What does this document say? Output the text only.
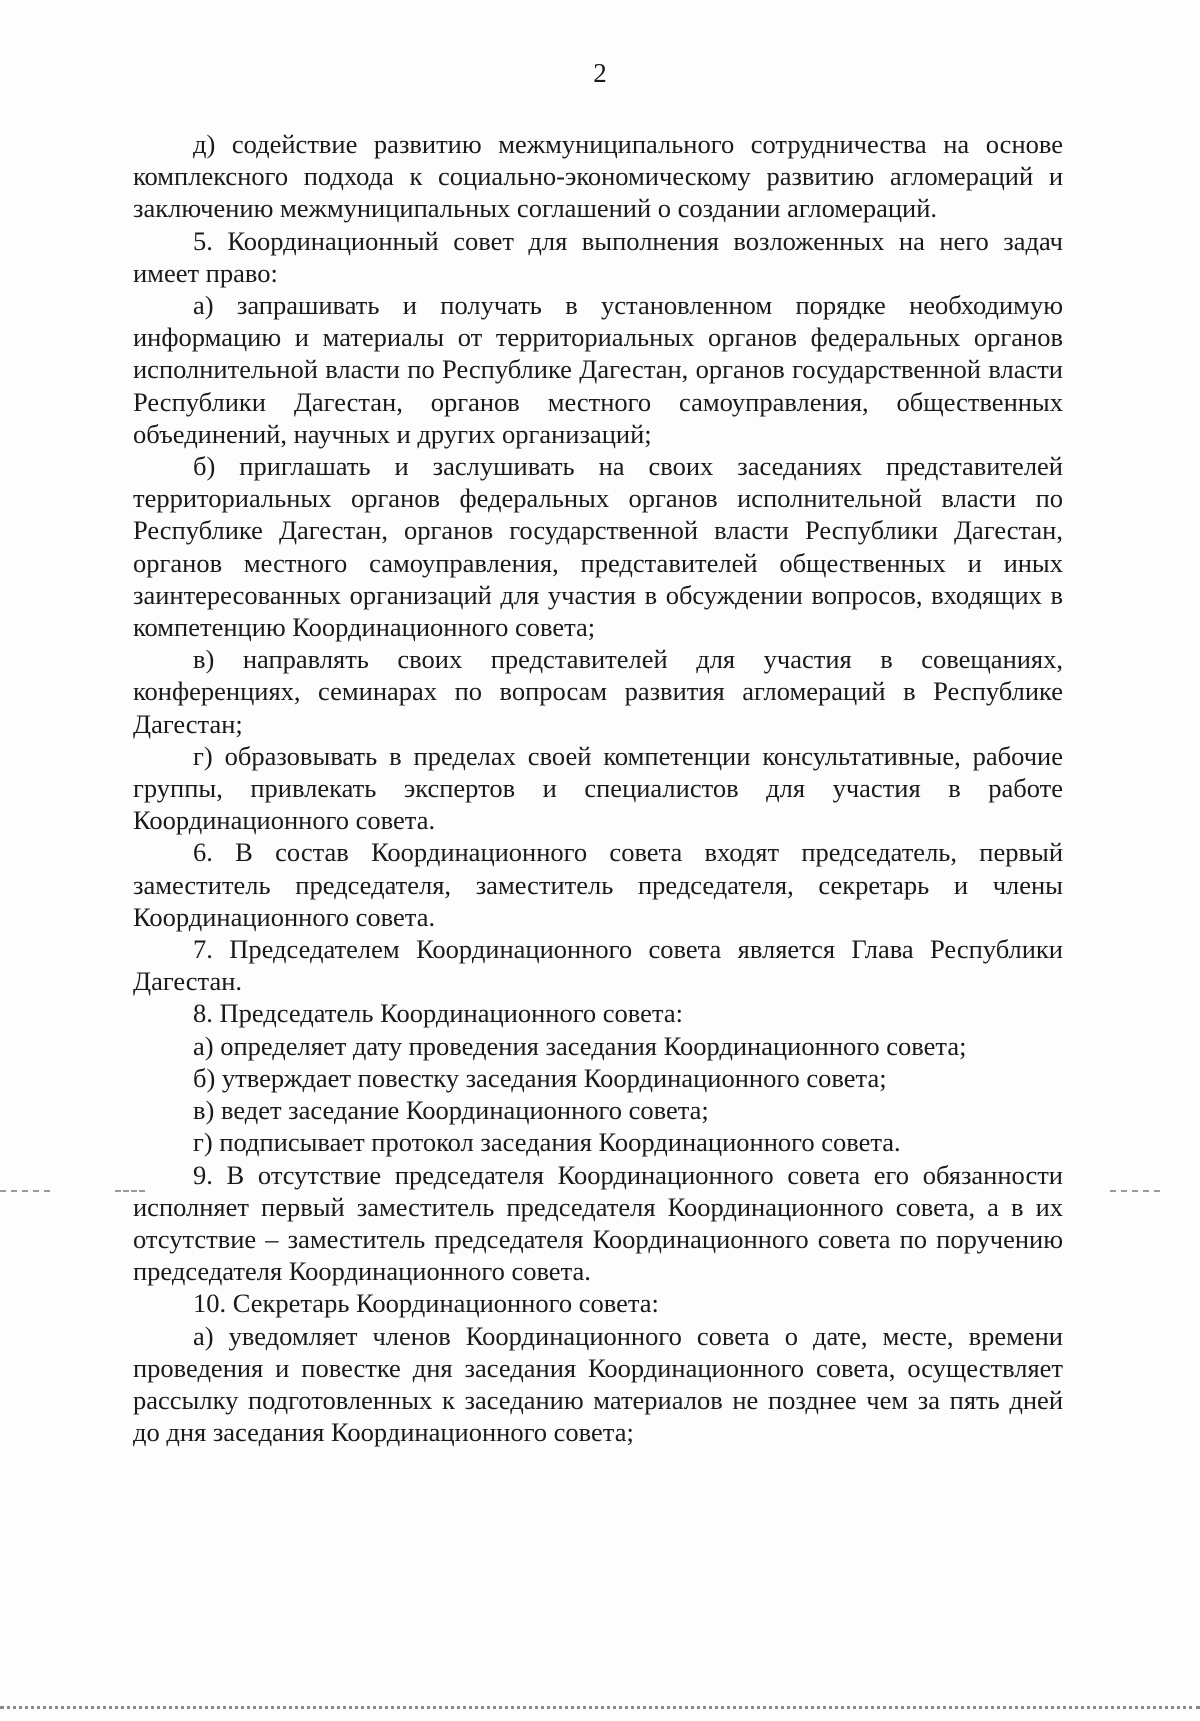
2

д) содействие развитию межмуниципального сотрудничества на основе комплексного подхода к социально-экономическому развитию агломераций и заключению межмуниципальных соглашений о создании агломераций.

5. Координационный совет для выполнения возложенных на него задач имеет право:

а) запрашивать и получать в установленном порядке необходимую информацию и материалы от территориальных органов федеральных органов исполнительной власти по Республике Дагестан, органов государственной власти Республики Дагестан, органов местного самоуправления, общественных объединений, научных и других организаций;

б) приглашать и заслушивать на своих заседаниях представителей территориальных органов федеральных органов исполнительной власти по Республике Дагестан, органов государственной власти Республики Дагестан, органов местного самоуправления, представителей общественных и иных заинтересованных организаций для участия в обсуждении вопросов, входящих в компетенцию Координационного совета;

в) направлять своих представителей для участия в совещаниях, конференциях, семинарах по вопросам развития агломераций в Республике Дагестан;

г) образовывать в пределах своей компетенции консультативные, рабочие группы, привлекать экспертов и специалистов для участия в работе Координационного совета.

6. В состав Координационного совета входят председатель, первый заместитель председателя, заместитель председателя, секретарь и члены Координационного совета.

7. Председателем Координационного совета является Глава Республики Дагестан.

8. Председатель Координационного совета:

а) определяет дату проведения заседания Координационного совета;

б) утверждает повестку заседания Координационного совета;

в) ведет заседание Координационного совета;

г) подписывает протокол заседания Координационного совета.

9. В отсутствие председателя Координационного совета его обязанности исполняет первый заместитель председателя Координационного совета, а в их отсутствие – заместитель председателя Координационного совета по поручению председателя Координационного совета.

10. Секретарь Координационного совета:

а) уведомляет членов Координационного совета о дате, месте, времени проведения и повестке дня заседания Координационного совета, осуществляет рассылку подготовленных к заседанию материалов не позднее чем за пять дней до дня заседания Координационного совета;
